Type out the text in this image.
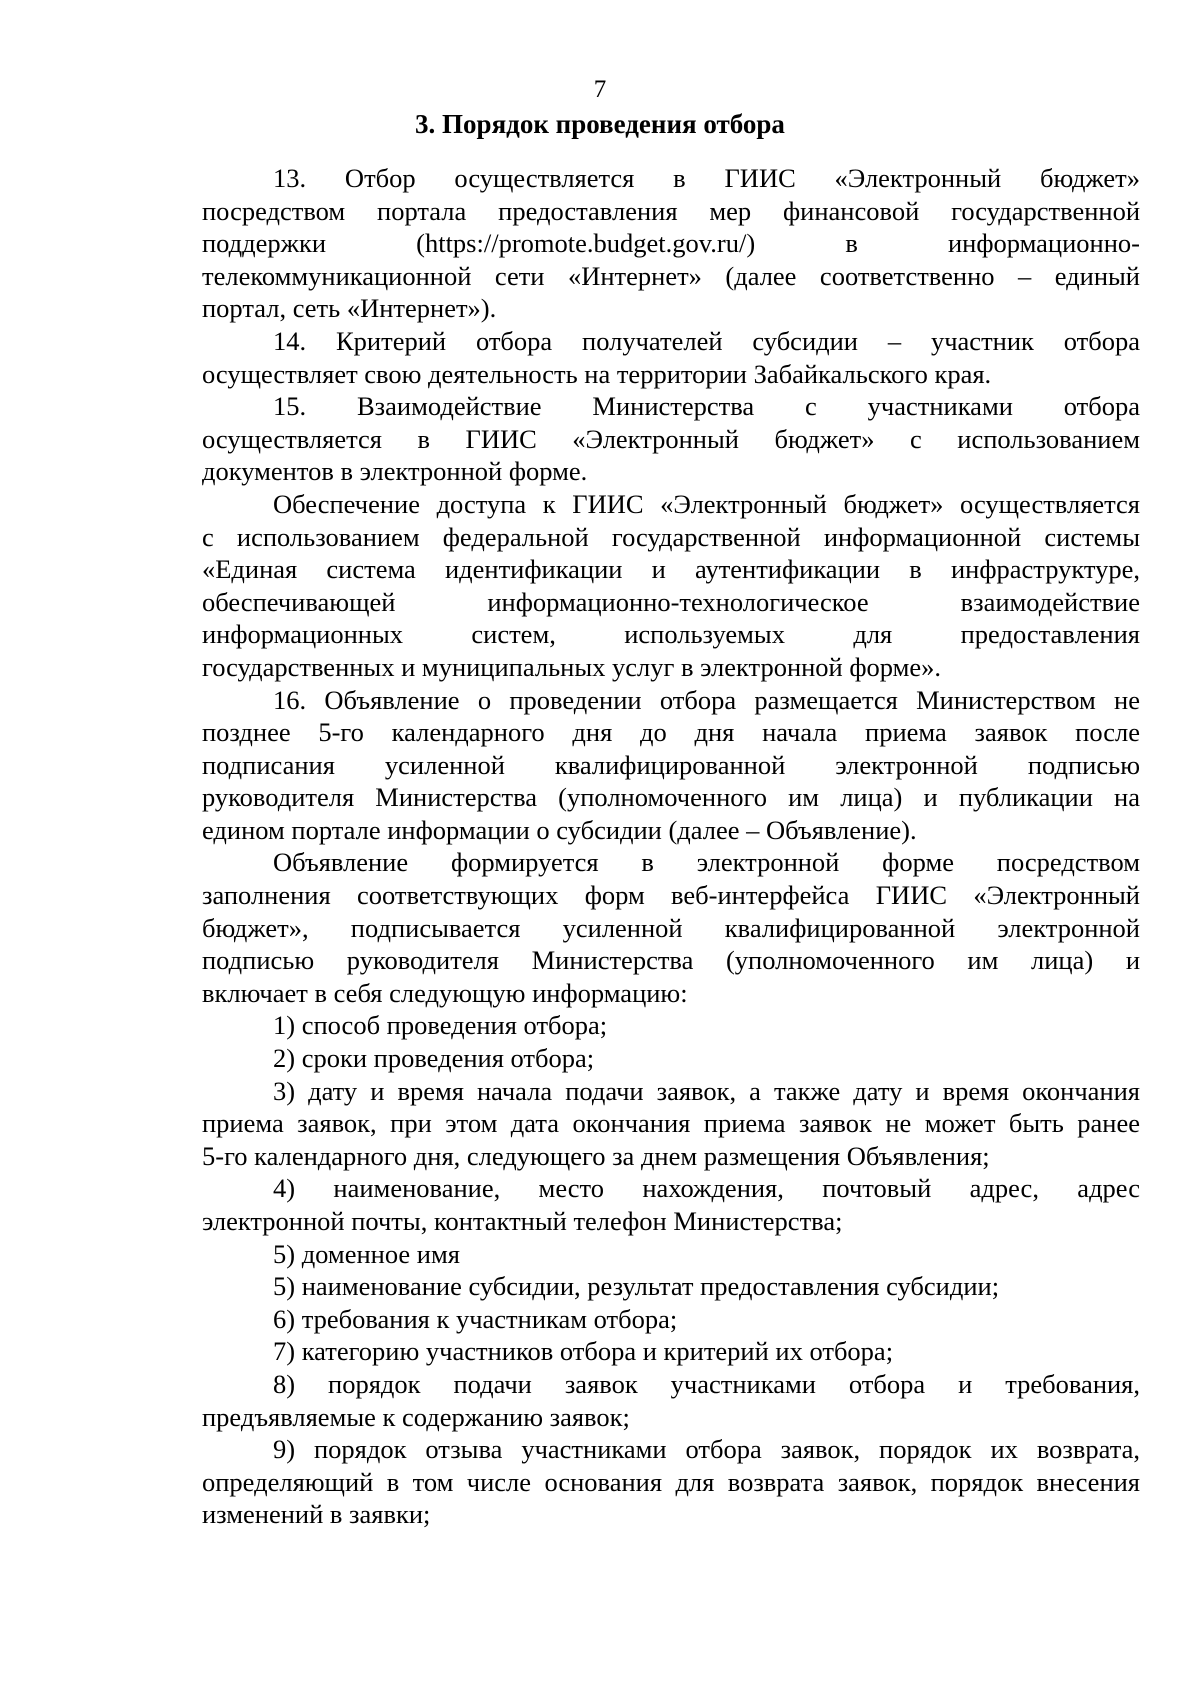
7
3. Порядок проведения отбора
13. Отбор осуществляется в ГИИС «Электронный бюджет»
посредством портала предоставления мер финансовой государственной
поддержки (https://promote.budget.gov.ru/) в информационно-
телекоммуникационной сети «Интернет» (далее соответственно – единый
портал, сеть «Интернет»).
14. Критерий отбора получателей субсидии – участник отбора
осуществляет свою деятельность на территории Забайкальского края.
15. Взаимодействие Министерства с участниками отбора
осуществляется в ГИИС «Электронный бюджет» с использованием
документов в электронной форме.
Обеспечение доступа к ГИИС «Электронный бюджет» осуществляется
с использованием федеральной государственной информационной системы
«Единая система идентификации и аутентификации в инфраструктуре,
обеспечивающей информационно-технологическое взаимодействие
информационных систем, используемых для предоставления
государственных и муниципальных услуг в электронной форме».
16. Объявление о проведении отбора размещается Министерством не
позднее 5-го календарного дня до дня начала приема заявок после
подписания усиленной квалифицированной электронной подписью
руководителя Министерства (уполномоченного им лица) и публикации на
едином портале информации о субсидии (далее – Объявление).
Объявление формируется в электронной форме посредством
заполнения соответствующих форм веб-интерфейса ГИИС «Электронный
бюджет», подписывается усиленной квалифицированной электронной
подписью руководителя Министерства (уполномоченного им лица) и
включает в себя следующую информацию:
1) способ проведения отбора;
2) сроки проведения отбора;
3) дату и время начала подачи заявок, а также дату и время окончания
приема заявок, при этом дата окончания приема заявок не может быть ранее
5-го календарного дня, следующего за днем размещения Объявления;
4) наименование, место нахождения, почтовый адрес, адрес
электронной почты, контактный телефон Министерства;
5) доменное имя
5) наименование субсидии, результат предоставления субсидии;
6) требования к участникам отбора;
7) категорию участников отбора и критерий их отбора;
8) порядок подачи заявок участниками отбора и требования,
предъявляемые к содержанию заявок;
9) порядок отзыва участниками отбора заявок, порядок их возврата,
определяющий в том числе основания для возврата заявок, порядок внесения
изменений в заявки;
